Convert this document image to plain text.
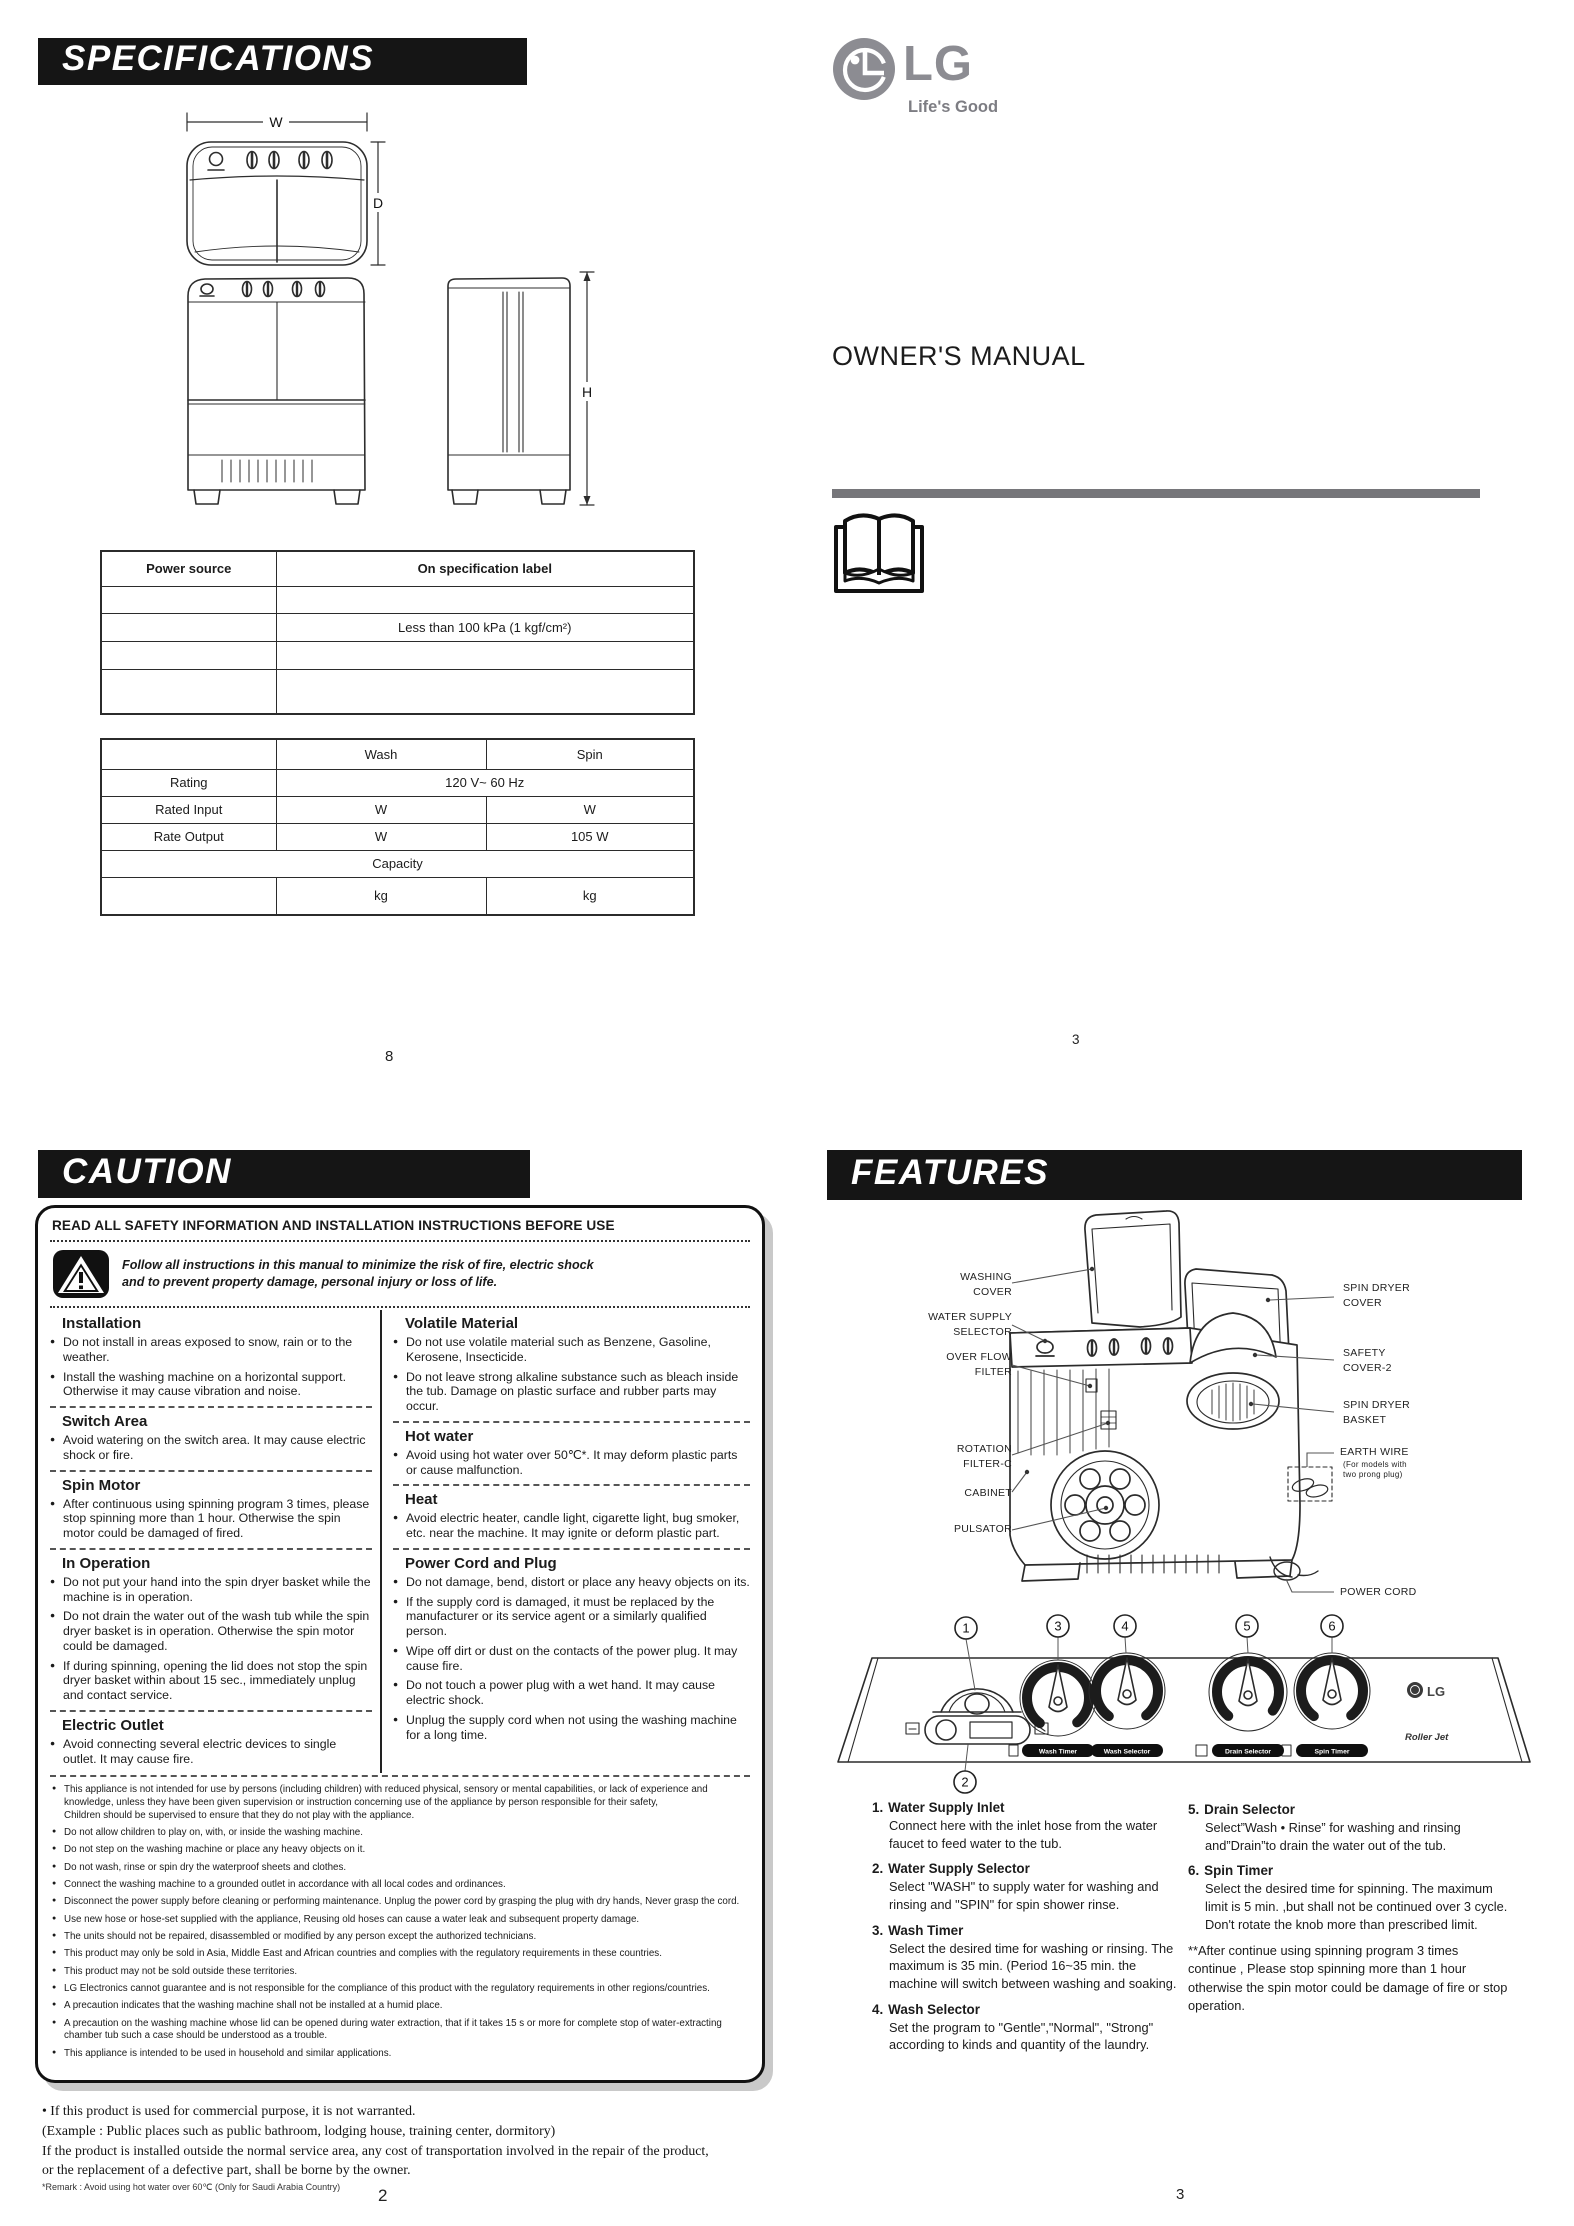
SPECIFICATIONS
W
D
H
Power source	On specification label

	Less than 100 kPa (1 kgf/cm²)

	Wash	Spin
Rating	120 V~ 60 Hz	
Rated Input	W	W
Rate Output	W	105 W
Capacity		
	kg	kg
8
LG
Life's Good
OWNER'S MANUAL
3
CAUTION
READ ALL SAFETY INFORMATION AND INSTALLATION INSTRUCTIONS BEFORE USE
Follow all instructions in this manual to minimize the risk of fire, electric shock
and to prevent property damage, personal injury or loss of life.
Installation
● Do not install in areas exposed to snow, rain or to the weather.
● Install the washing machine on a horizontal support. Otherwise it may cause vibration and noise.
Switch Area
● Avoid watering on the switch area. It may cause electric shock or fire.
Spin Motor
● After continuous using spinning program 3 times, please stop spinning more than 1 hour. Otherwise the spin motor could be damaged of fired.
In Operation
● Do not put your hand into the spin dryer basket while the machine is in operation.
● Do not drain the water out of the wash tub while the spin dryer basket is in operation. Otherwise the spin motor could be damaged.
● If during spinning, opening the lid does not stop the spin dryer basket within about 15 sec., immediately unplug and contact service.
Electric Outlet
● Avoid connecting several electric devices to single outlet. It may cause fire.
Volatile Material
● Do not use volatile material such as Benzene, Gasoline, Kerosene, Insecticide.
● Do not leave strong alkaline substance such as bleach inside the tub. Damage on plastic surface and rubber parts may occur.
Hot water
● Avoid using hot water over 50℃*. It may deform plastic parts or cause malfunction.
Heat
● Avoid electric heater, candle light, cigarette light, bug smoker, etc. near the machine. It may ignite or deform plastic part.
Power Cord and Plug
● Do not damage, bend, distort or place any heavy objects on its.
● If the supply cord is damaged, it must be replaced by the manufacturer or its service agent or a similarly qualified person.
● Wipe off dirt or dust on the contacts of the power plug. It may cause fire.
● Do not touch a power plug with a wet hand. It may cause electric shock.
● Unplug the supply cord when not using the washing machine for a long time.
● This appliance is not intended for use by persons (including children) with reduced physical, sensory or mental capabilities, or lack of experience and knowledge, unless they have been given supervision or instruction concerning use of the appliance by person responsible for their safety,
Children should be supervised to ensure that they do not play with the appliance.
● Do not allow children to play on, with, or inside the washing machine.
● Do not step on the washing machine or place any heavy objects on it.
● Do not wash, rinse or spin dry the waterproof sheets and clothes.
● Connect the washing machine to a grounded outlet in accordance with all local codes and ordinances.
● Disconnect the power supply before cleaning or performing maintenance. Unplug the power cord by grasping the plug with dry hands, Never grasp the cord.
● Use new hose or hose-set supplied with the appliance, Reusing old hoses can cause a water leak and subsequent property damage.
● The units should not be repaired, disassembled or modified by any person except the authorized technicians.
● This product may only be sold in Asia, Middle East and African countries and complies with the regulatory requirements in these countries.
● This product may not be sold outside these territories.
● LG Electronics cannot guarantee and is not responsible for the compliance of this product with the regulatory requirements in other regions/countries.
● A precaution indicates that the washing machine shall not be installed at a humid place.
● A precaution on the washing machine whose lid can be opened during water extraction, that if it takes 15 s or more for complete stop of water-extracting chamber tub such a case should be understood as a trouble.
● This appliance is intended to be used in household and similar applications.
• If this product is used for commercial purpose, it is not warranted.
(Example : Public places such as public bathroom, lodging house, training center, dormitory)
If the product is installed outside the normal service area, any cost of transportation involved in the repair of the product,
or the replacement of a defective part, shall be borne by the owner.
*Remark : Avoid using hot water over 60℃ (Only for Saudi Arabia Country)	2
FEATURES
WASHING
COVER
WATER SUPPLY
SELECTOR
OVER FLOW
FILTER
ROTATION
FILTER-C
CABINET
PULSATOR
SPIN DRYER
COVER
SAFETY
COVER-2
SPIN DRYER
BASKET
EARTH WIRE
(For models with
two prong plug)
POWER CORD
Wash Timer	Wash Selector	Drain Selector	Spin Timer
1
2
3	4	5	6
LG
Roller Jet
1. Water Supply Inlet
Connect here with the inlet hose from the water faucet to feed water to the tub.
2. Water Supply Selector
Select "WASH" to supply water for washing and rinsing and "SPIN" for spin shower rinse.
3. Wash Timer
Select the desired time for washing or rinsing. The maximum is 35 min. (Period 16~35 min. the machine will switch between washing and soaking.
4. Wash Selector
Set the program to "Gentle","Normal", "Strong" according to kinds and quantity of the laundry.
5. Drain Selector
Select”Wash • Rinse” for washing and rinsing and”Drain”to drain the water out of the tub.
6. Spin Timer
Select the desired time for spinning. The maximum limit is 5 min. ,but shall not be continued over 3 cycle. Don't rotate the knob more than prescribed limit.
**After continue using spinning program 3 times continue , Please stop spinning more than 1 hour otherwise the spin motor could be damage of fire or stop operation.
3
